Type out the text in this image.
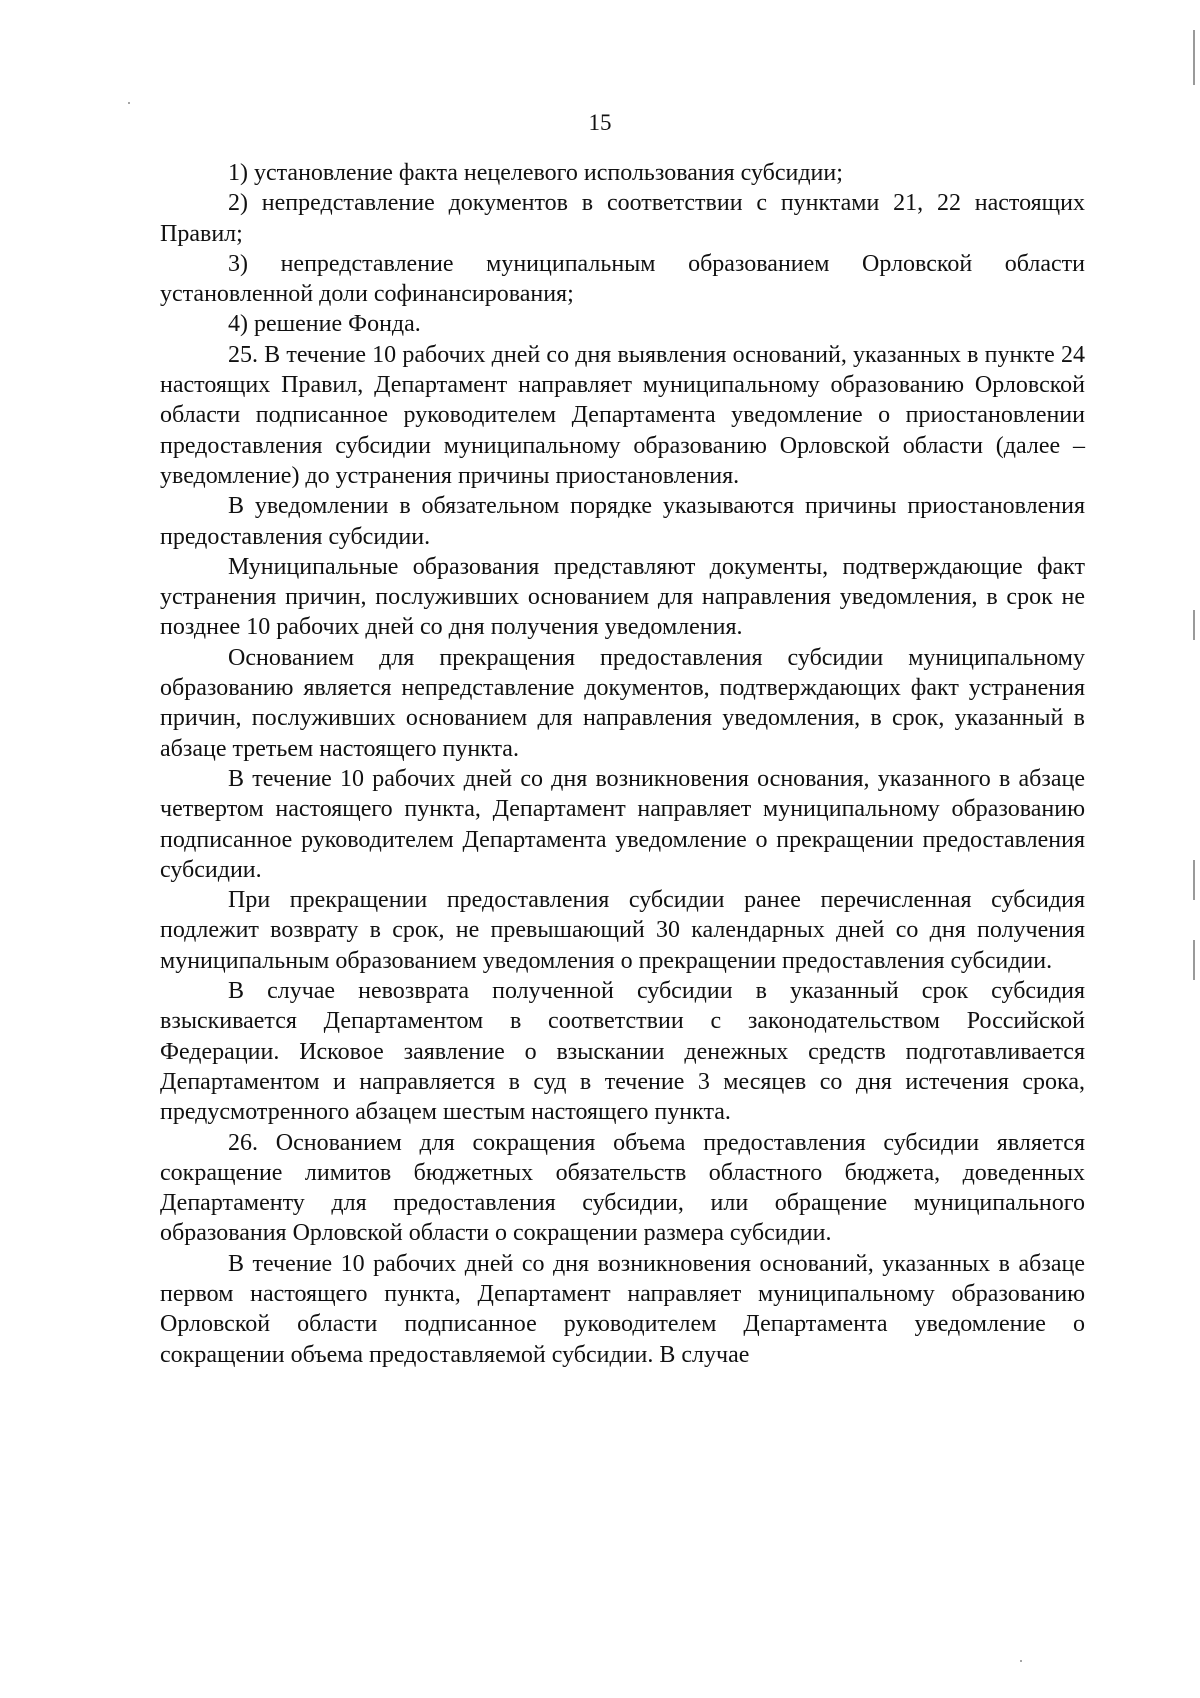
15

1) установление факта нецелевого использования субсидии;

2) непредставление документов в соответствии с пунктами 21, 22 настоящих Правил;

3) непредставление муниципальным образованием Орловской области установленной доли софинансирования;

4) решение Фонда.

25. В течение 10 рабочих дней со дня выявления оснований, указанных в пункте 24 настоящих Правил, Департамент направляет муниципальному образованию Орловской области подписанное руководителем Департамента уведомление о приостановлении предоставления субсидии муниципальному образованию Орловской области (далее – уведомление) до устранения причины приостановления.

В уведомлении в обязательном порядке указываются причины приостановления предоставления субсидии.

Муниципальные образования представляют документы, подтверждающие факт устранения причин, послуживших основанием для направления уведомления, в срок не позднее 10 рабочих дней со дня получения уведомления.

Основанием для прекращения предоставления субсидии муниципальному образованию является непредставление документов, подтверждающих факт устранения причин, послуживших основанием для направления уведомления, в срок, указанный в абзаце третьем настоящего пункта.

В течение 10 рабочих дней со дня возникновения основания, указанного в абзаце четвертом настоящего пункта, Департамент направляет муниципальному образованию подписанное руководителем Департамента уведомление о прекращении предоставления субсидии.

При прекращении предоставления субсидии ранее перечисленная субсидия подлежит возврату в срок, не превышающий 30 календарных дней со дня получения муниципальным образованием уведомления о прекращении предоставления субсидии.

В случае невозврата полученной субсидии в указанный срок субсидия взыскивается Департаментом в соответствии с законодательством Российской Федерации. Исковое заявление о взыскании денежных средств подготавливается Департаментом и направляется в суд в течение 3 месяцев со дня истечения срока, предусмотренного абзацем шестым настоящего пункта.

26. Основанием для сокращения объема предоставления субсидии является сокращение лимитов бюджетных обязательств областного бюджета, доведенных Департаменту для предоставления субсидии, или обращение муниципального образования Орловской области о сокращении размера субсидии.

В течение 10 рабочих дней со дня возникновения оснований, указанных в абзаце первом настоящего пункта, Департамент направляет муниципальному образованию Орловской области подписанное руководителем Департамента уведомление о сокращении объема предоставляемой субсидии. В случае
